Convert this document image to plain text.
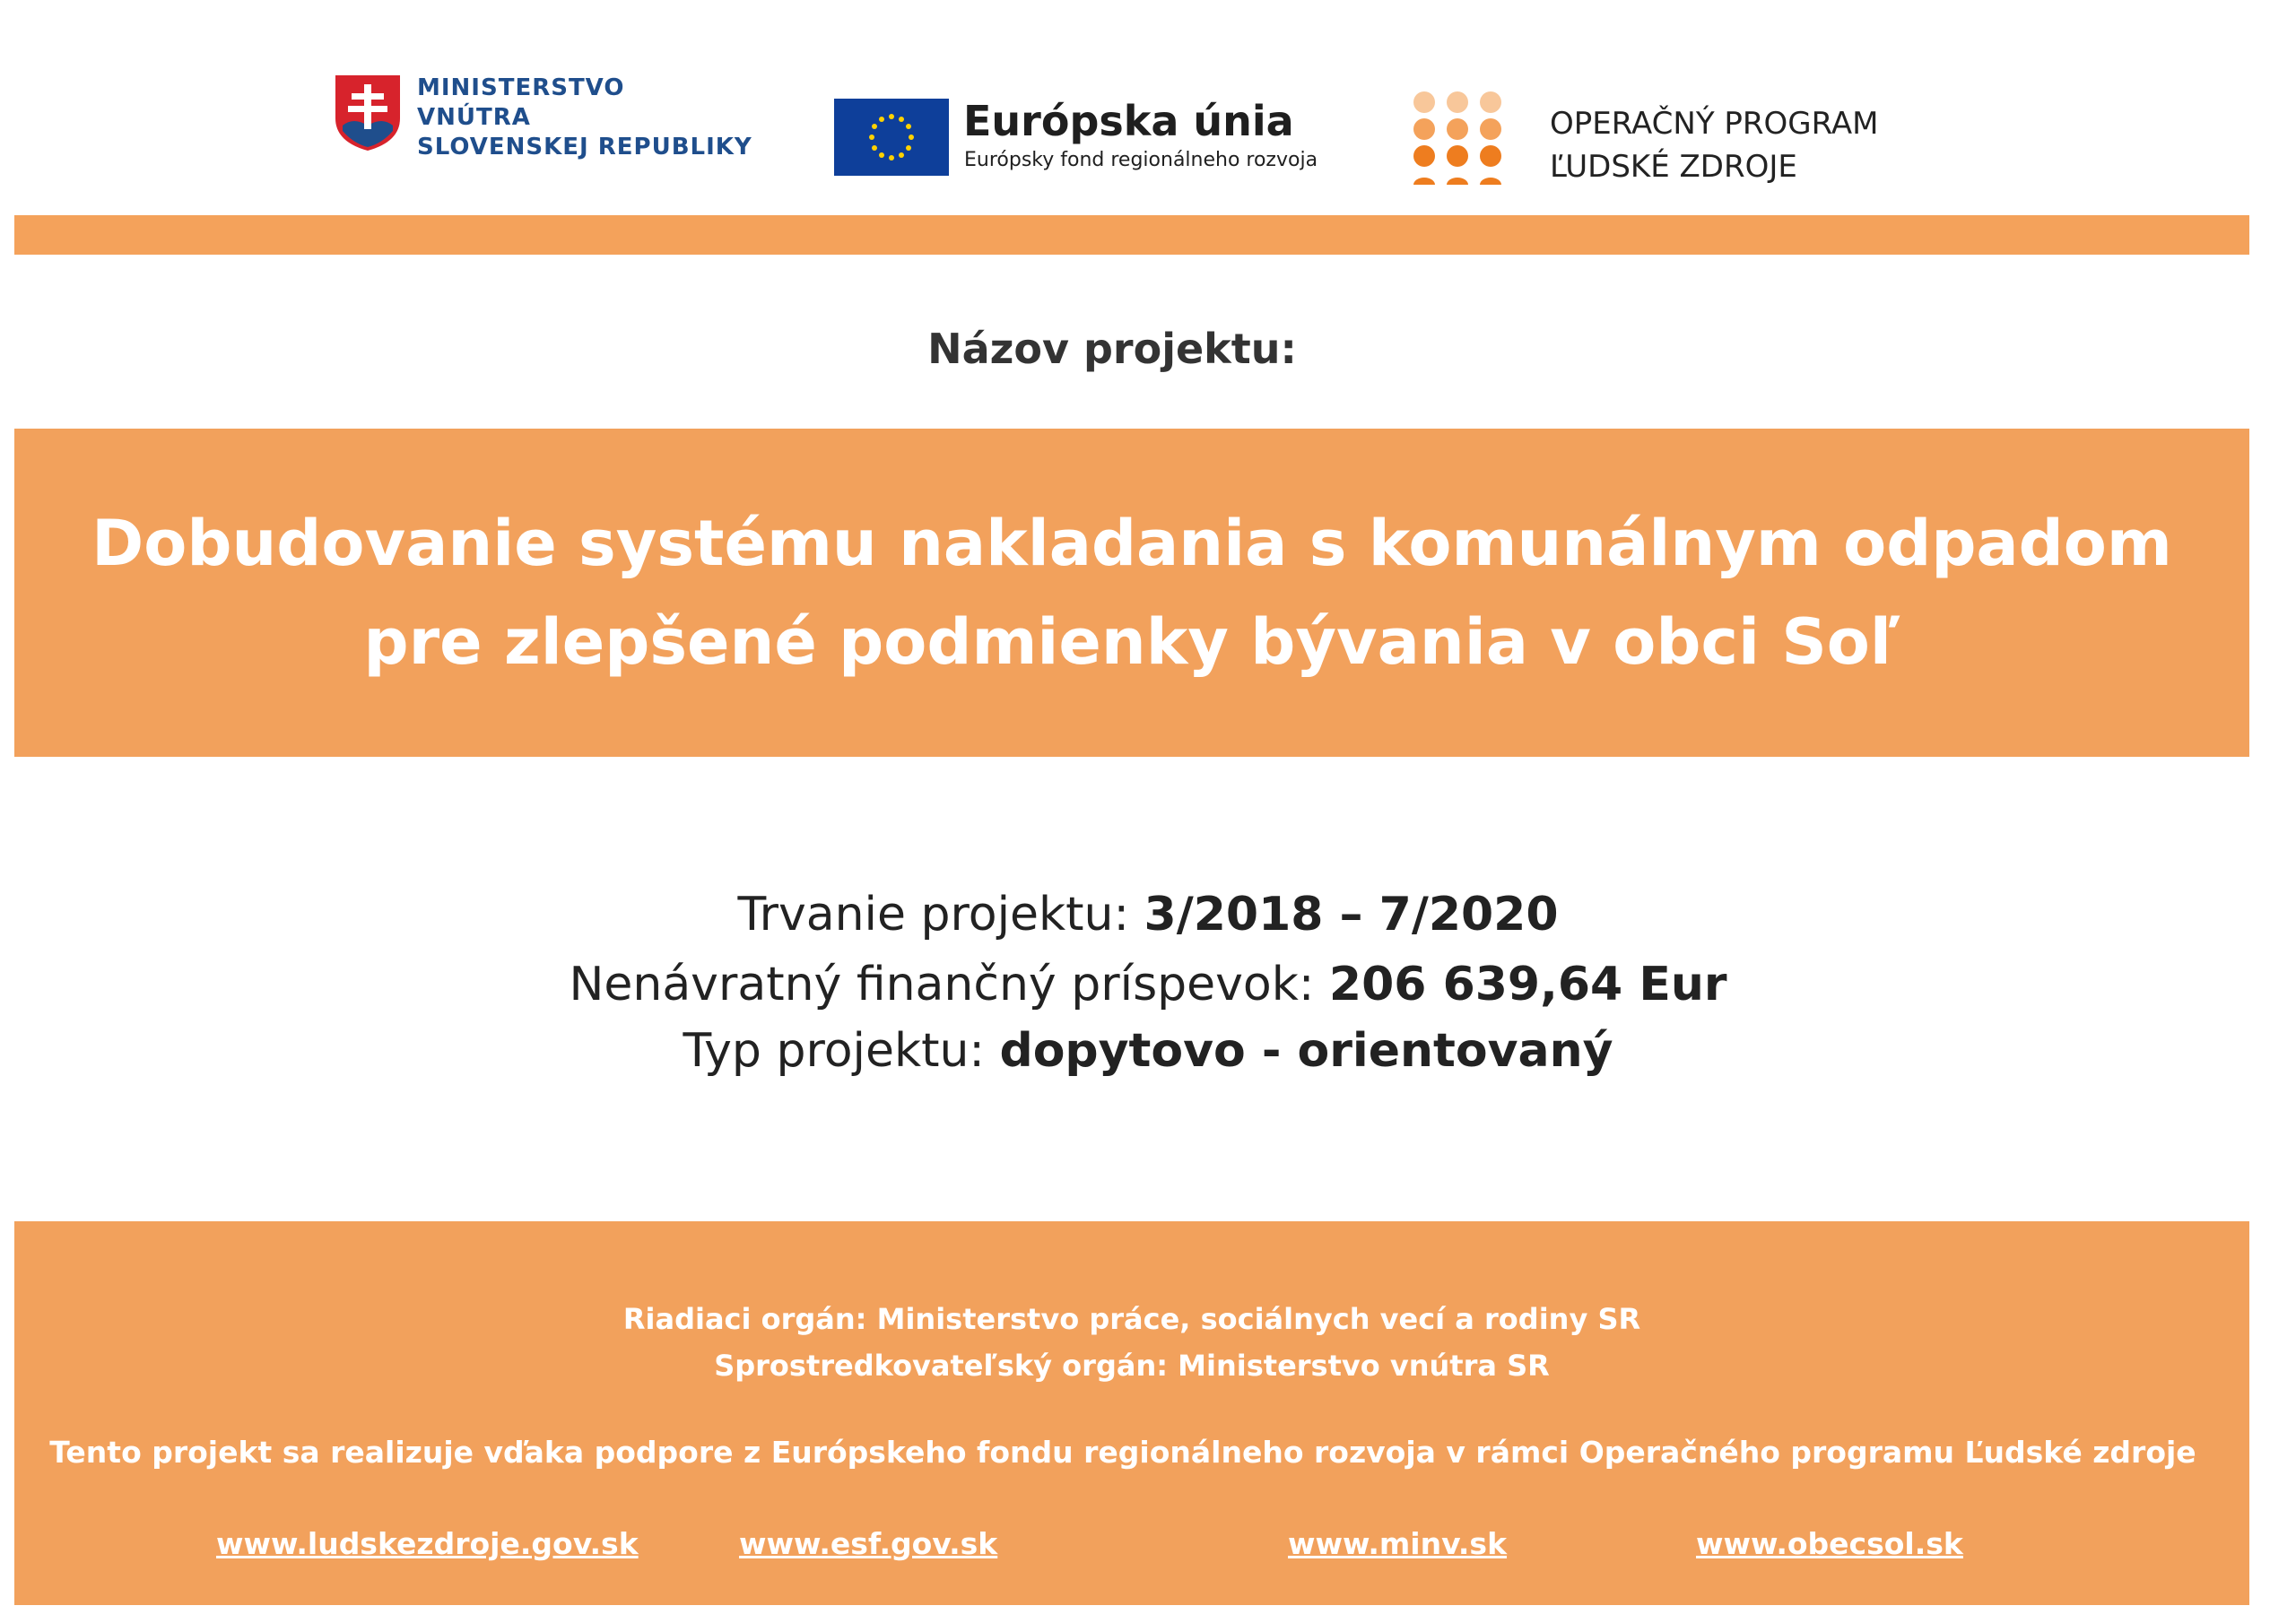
MINISTERSTVO
VNÚTRA
SLOVENSKEJ REPUBLIKY
Európska únia
Európsky fond regionálneho rozvoja
OPERAČNÝ PROGRAM
ĽUDSKÉ ZDROJE
Názov projektu:
Dobudovanie systému nakladania s komunálnym odpadom pre zlepšené podmienky bývania v obci Soľ
Trvanie projektu: 3/2018 – 7/2020
Nenávratný finančný príspevok: 206 639,64 Eur
Typ projektu: dopytovo - orientovaný
Riadiaci orgán: Ministerstvo práce, sociálnych vecí a rodiny SR
Sprostredkovateľský orgán: Ministerstvo vnútra SR
Tento projekt sa realizuje vďaka podpore z Európskeho fondu regionálneho rozvoja v rámci Operačného programu Ľudské zdroje
www.ludskezdroje.gov.sk	www.esf.gov.sk	www.minv.sk	www.obecsol.sk
